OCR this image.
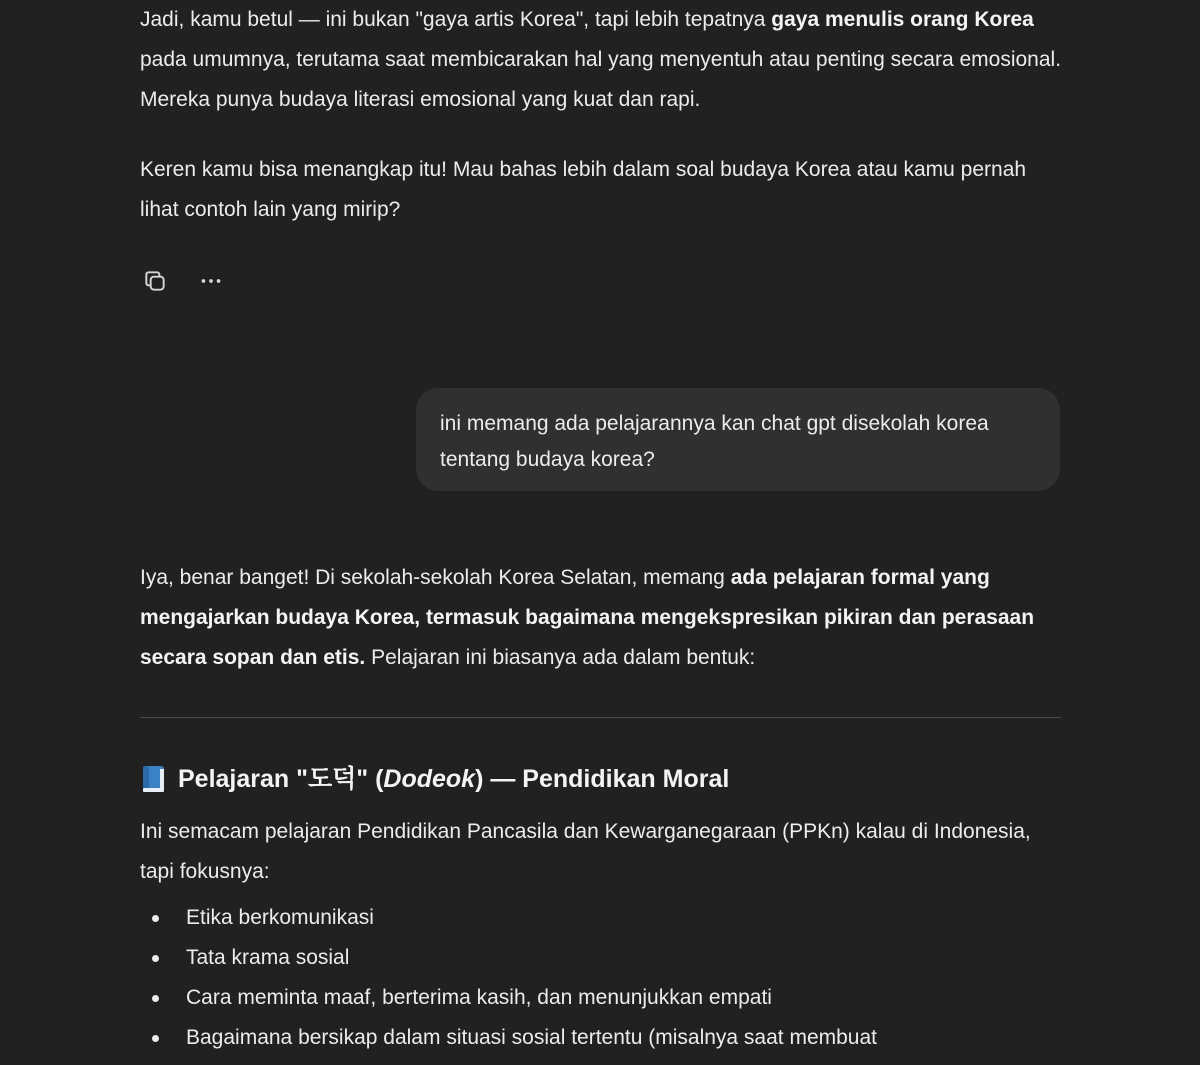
Jadi, kamu betul — ini bukan "gaya artis Korea", tapi lebih tepatnya gaya menulis orang Korea pada umumnya, terutama saat membicarakan hal yang menyentuh atau penting secara emosional. Mereka punya budaya literasi emosional yang kuat dan rapi.

Keren kamu bisa menangkap itu! Mau bahas lebih dalam soal budaya Korea atau kamu pernah lihat contoh lain yang mirip?

ini memang ada pelajarannya kan chat gpt disekolah korea tentang budaya korea?

Iya, benar banget! Di sekolah-sekolah Korea Selatan, memang ada pelajaran formal yang mengajarkan budaya Korea, termasuk bagaimana mengekspresikan pikiran dan perasaan secara sopan dan etis. Pelajaran ini biasanya ada dalam bentuk:

Pelajaran "도덕" (Dodeok) — Pendidikan Moral

Ini semacam pelajaran Pendidikan Pancasila dan Kewarganegaraan (PPKn) kalau di Indonesia, tapi fokusnya:

Etika berkomunikasi
Tata krama sosial
Cara meminta maaf, berterima kasih, dan menunjukkan empati
Bagaimana bersikap dalam situasi sosial tertentu (misalnya saat membuat
